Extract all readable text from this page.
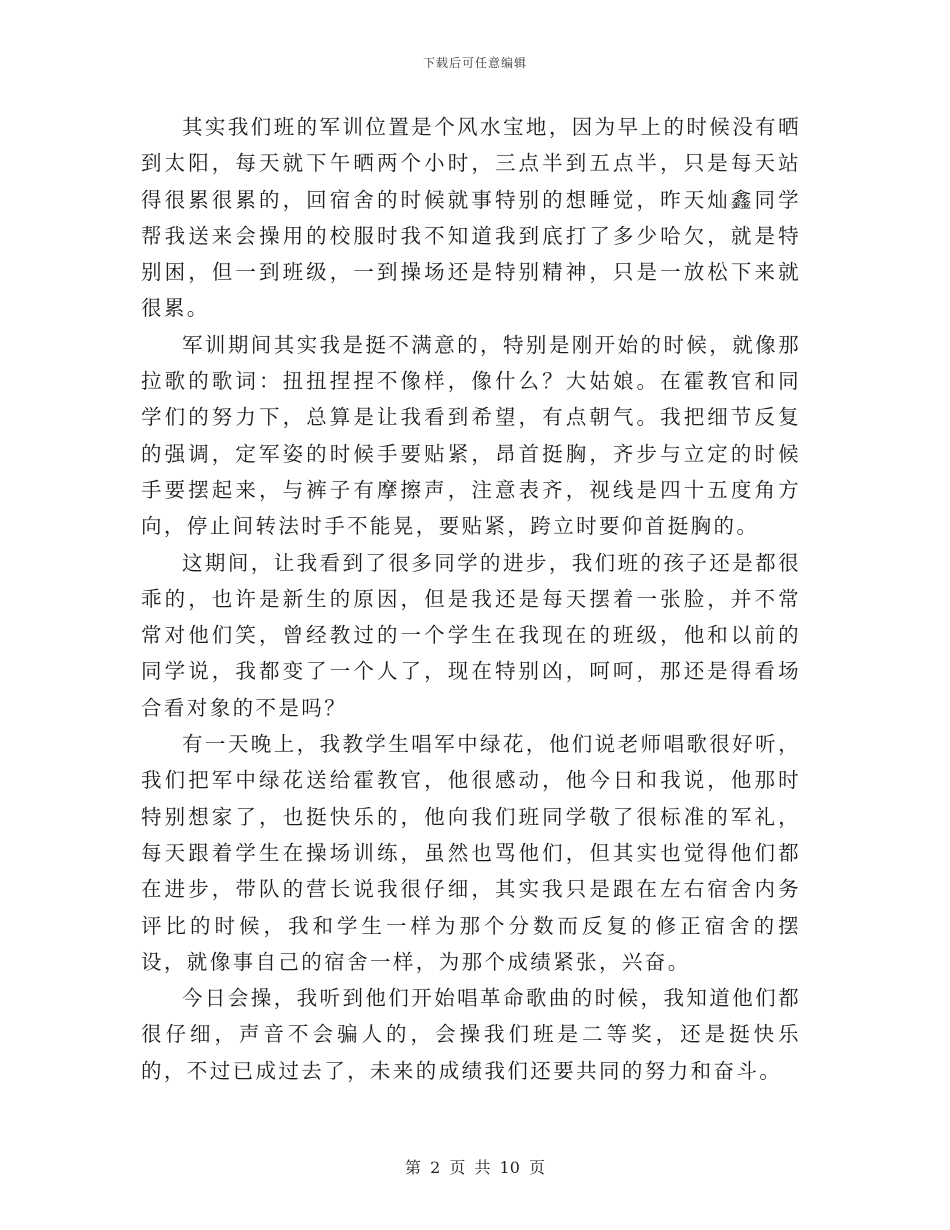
下载后可任意编辑

其实我们班的军训位置是个风水宝地，因为早上的时候没有晒到太阳，每天就下午晒两个小时，三点半到五点半，只是每天站得很累很累的，回宿舍的时候就事特别的想睡觉，昨天灿鑫同学帮我送来会操用的校服时我不知道我到底打了多少哈欠，就是特别困，但一到班级，一到操场还是特别精神，只是一放松下来就很累。

军训期间其实我是挺不满意的，特别是刚开始的时候，就像那拉歌的歌词：扭扭捏捏不像样，像什么？大姑娘。在霍教官和同学们的努力下，总算是让我看到希望，有点朝气。我把细节反复的强调，定军姿的时候手要贴紧，昂首挺胸，齐步与立定的时候手要摆起来，与裤子有摩擦声，注意表齐，视线是四十五度角方向，停止间转法时手不能晃，要贴紧，跨立时要仰首挺胸的。

这期间，让我看到了很多同学的进步，我们班的孩子还是都很乖的，也许是新生的原因，但是我还是每天摆着一张脸，并不常常对他们笑，曾经教过的一个学生在我现在的班级，他和以前的同学说，我都变了一个人了，现在特别凶，呵呵，那还是得看场合看对象的不是吗？

有一天晚上，我教学生唱军中绿花，他们说老师唱歌很好听，我们把军中绿花送给霍教官，他很感动，他今日和我说，他那时特别想家了，也挺快乐的，他向我们班同学敬了很标准的军礼，每天跟着学生在操场训练，虽然也骂他们，但其实也觉得他们都在进步，带队的营长说我很仔细，其实我只是跟在左右宿舍内务评比的时候，我和学生一样为那个分数而反复的修正宿舍的摆设，就像事自己的宿舍一样，为那个成绩紧张，兴奋。

今日会操，我听到他们开始唱革命歌曲的时候，我知道他们都很仔细，声音不会骗人的，会操我们班是二等奖，还是挺快乐的，不过已成过去了，未来的成绩我们还要共同的努力和奋斗。

第 2 页 共 10 页
